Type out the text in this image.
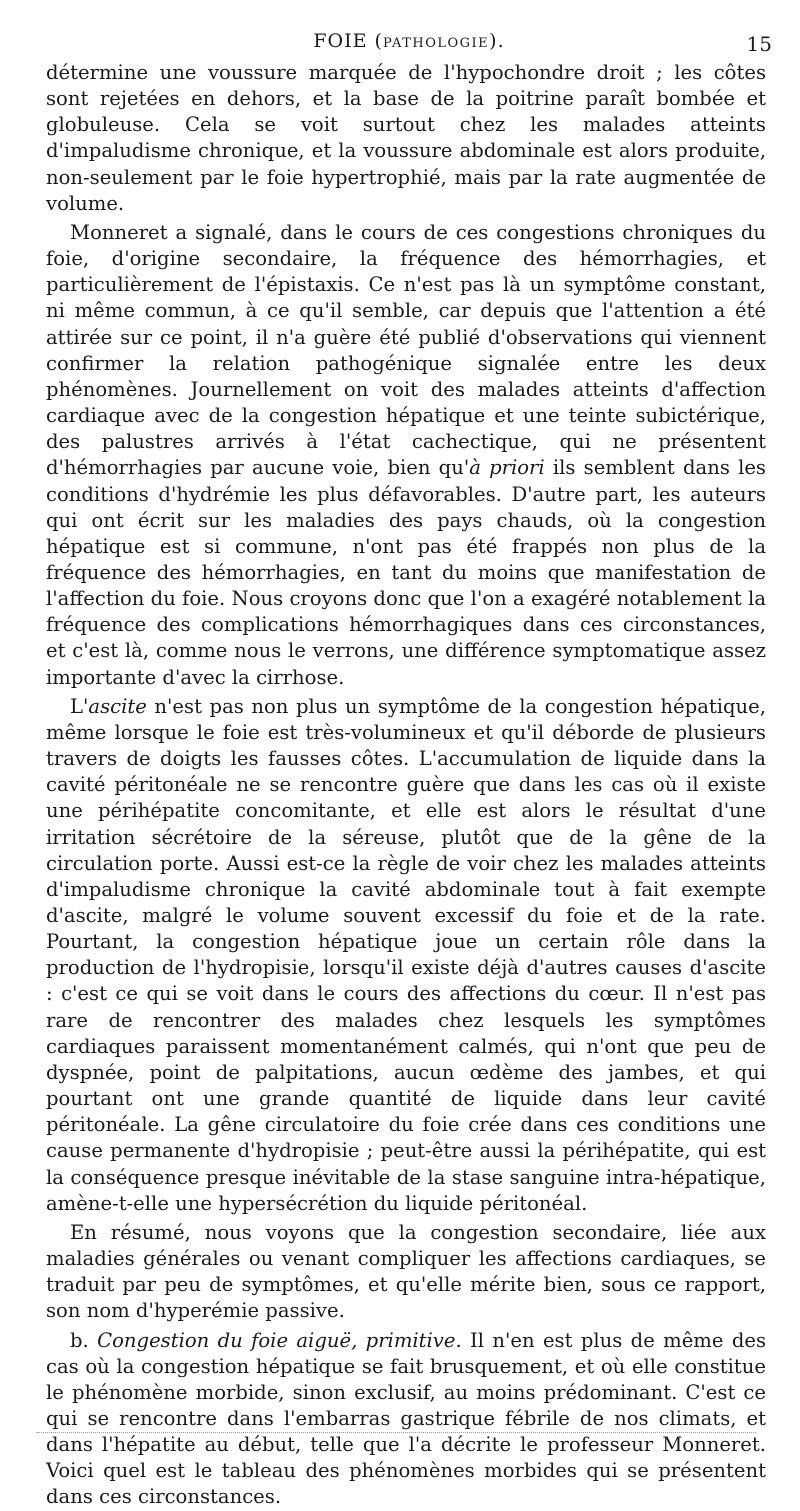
FOIE (PATHOLOGIE).	15

détermine une voussure marquée de l'hypochondre droit ; les côtes sont rejetées en dehors, et la base de la poitrine paraît bombée et globuleuse. Cela se voit surtout chez les malades atteints d'impaludisme chronique, et la voussure abdominale est alors produite, non-seulement par le foie hypertrophié, mais par la rate augmentée de volume.

Monneret a signalé, dans le cours de ces congestions chroniques du foie, d'origine secondaire, la fréquence des hémorrhagies, et particulièrement de l'épistaxis. Ce n'est pas là un symptôme constant, ni même commun, à ce qu'il semble, car depuis que l'attention a été attirée sur ce point, il n'a guère été publié d'observations qui viennent confirmer la relation pathogénique signalée entre les deux phénomènes. Journellement on voit des malades atteints d'affection cardiaque avec de la congestion hépatique et une teinte subictérique, des palustres arrivés à l'état cachectique, qui ne présentent d'hémorrhagies par aucune voie, bien qu'à priori ils semblent dans les conditions d'hydrémie les plus défavorables. D'autre part, les auteurs qui ont écrit sur les maladies des pays chauds, où la congestion hépatique est si commune, n'ont pas été frappés non plus de la fréquence des hémorrhagies, en tant du moins que manifestation de l'affection du foie. Nous croyons donc que l'on a exagéré notablement la fréquence des complications hémorrhagiques dans ces circonstances, et c'est là, comme nous le verrons, une différence symptomatique assez importante d'avec la cirrhose.

L'ascite n'est pas non plus un symptôme de la congestion hépatique, même lorsque le foie est très-volumineux et qu'il déborde de plusieurs travers de doigts les fausses côtes. L'accumulation de liquide dans la cavité péritonéale ne se rencontre guère que dans les cas où il existe une périhépatite concomitante, et elle est alors le résultat d'une irritation sécrétoire de la séreuse, plutôt que de la gêne de la circulation porte. Aussi est-ce la règle de voir chez les malades atteints d'impaludisme chronique la cavité abdominale tout à fait exempte d'ascite, malgré le volume souvent excessif du foie et de la rate. Pourtant, la congestion hépatique joue un certain rôle dans la production de l'hydropisie, lorsqu'il existe déjà d'autres causes d'ascite : c'est ce qui se voit dans le cours des affections du cœur. Il n'est pas rare de rencontrer des malades chez lesquels les symptômes cardiaques paraissent momentanément calmés, qui n'ont que peu de dyspnée, point de palpitations, aucun œdème des jambes, et qui pourtant ont une grande quantité de liquide dans leur cavité péritonéale. La gêne circulatoire du foie crée dans ces conditions une cause permanente d'hydropisie ; peut-être aussi la périhépatite, qui est la conséquence presque inévitable de la stase sanguine intra-hépatique, amène-t-elle une hypersécrétion du liquide péritonéal.

En résumé, nous voyons que la congestion secondaire, liée aux maladies générales ou venant compliquer les affections cardiaques, se traduit par peu de symptômes, et qu'elle mérite bien, sous ce rapport, son nom d'hyperémie passive.

b. Congestion du foie aiguë, primitive. Il n'en est plus de même des cas où la congestion hépatique se fait brusquement, et où elle constitue le phénomène morbide, sinon exclusif, au moins prédominant. C'est ce qui se rencontre dans l'embarras gastrique fébrile de nos climats, et dans l'hépatite au début, telle que l'a décrite le professeur Monneret. Voici quel est le tableau des phénomènes morbides qui se présentent dans ces circonstances.
